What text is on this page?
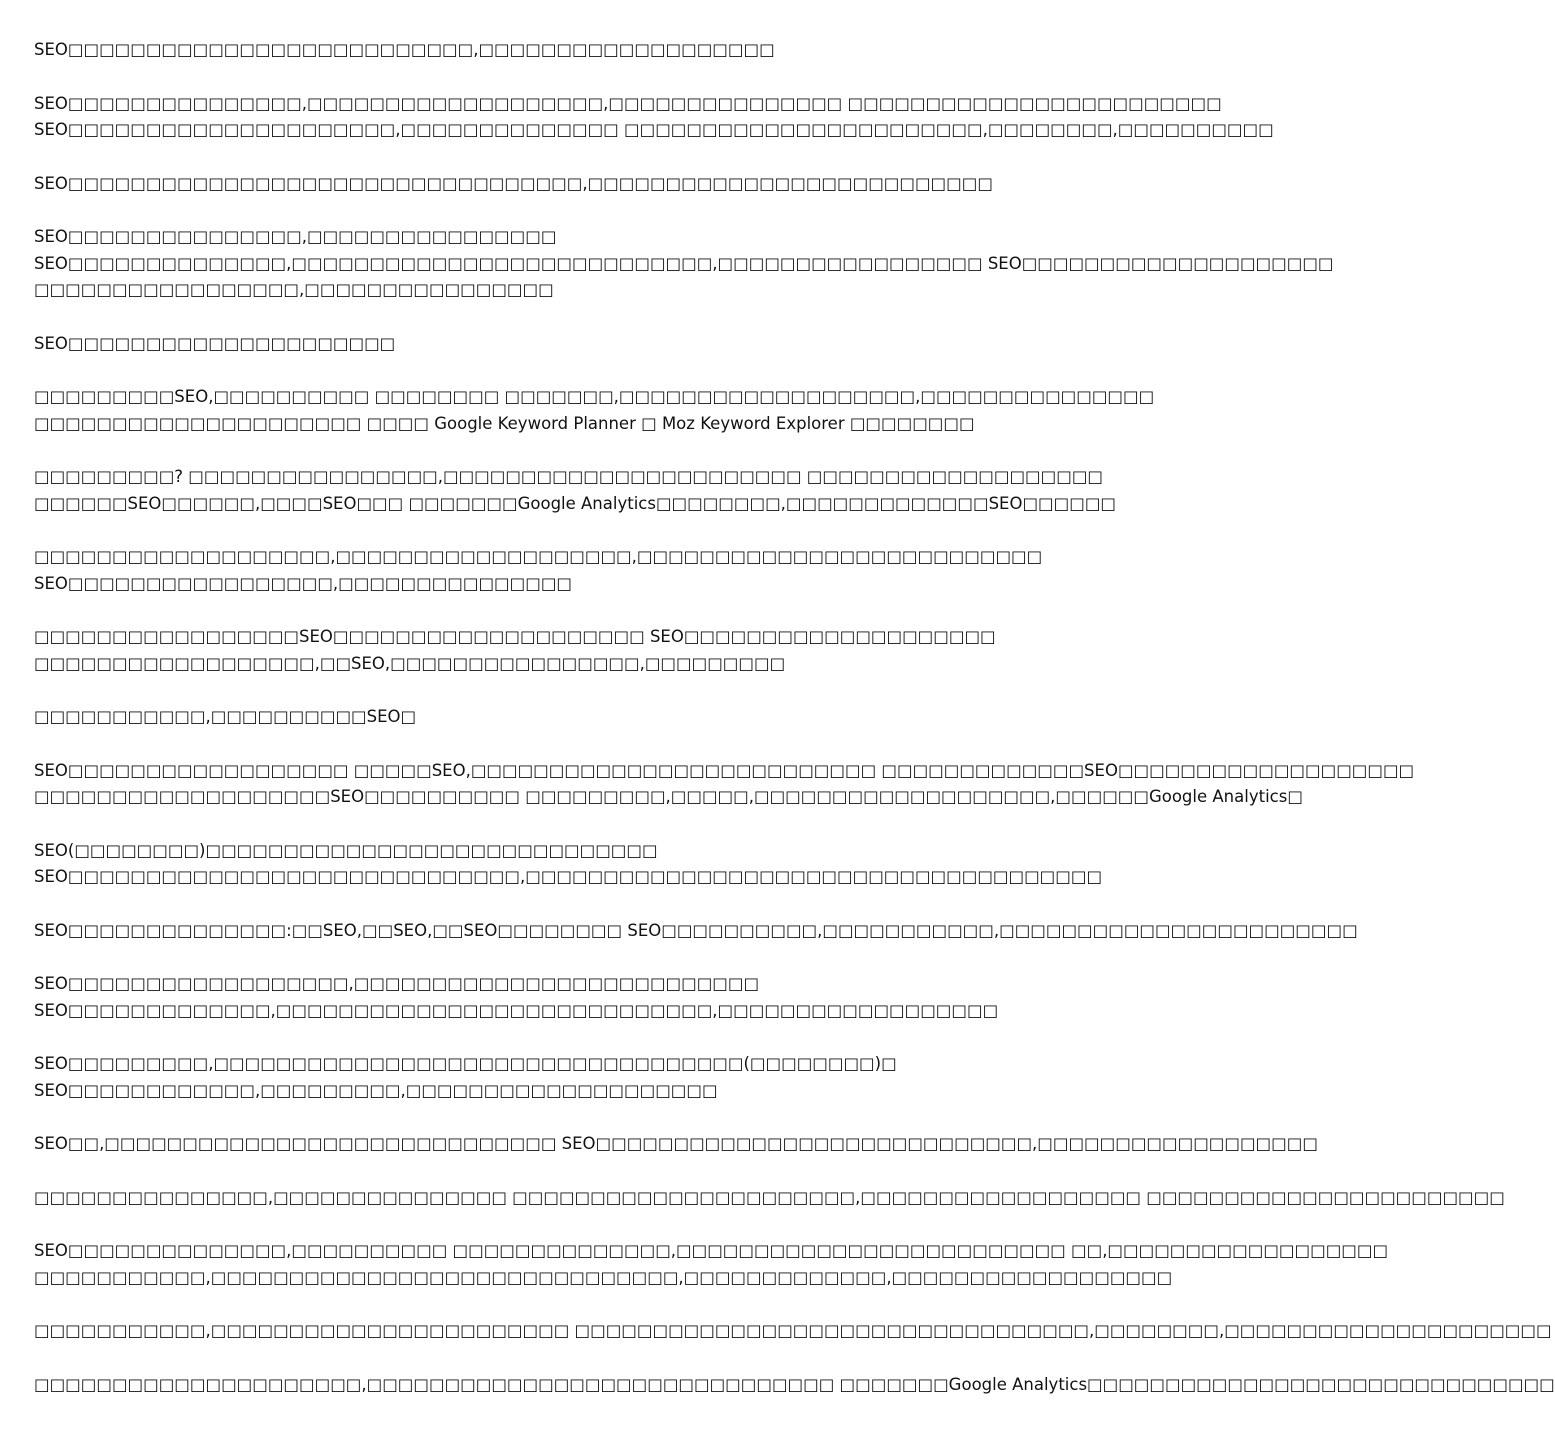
SEO□□□□□□□□□□□□□□□□□□□□□□□□□□,□□□□□□□□□□□□□□□□□□□

SEO□□□□□□□□□□□□□□□,□□□□□□□□□□□□□□□□□□□,□□□□□□□□□□□□□□□ □□□□□□□□□□□□□□□□□□□□□□□□
SEO□□□□□□□□□□□□□□□□□□□□□,□□□□□□□□□□□□□□ □□□□□□□□□□□□□□□□□□□□□□□,□□□□□□□□,□□□□□□□□□□

SEO□□□□□□□□□□□□□□□□□□□□□□□□□□□□□□□□□,□□□□□□□□□□□□□□□□□□□□□□□□□□

SEO□□□□□□□□□□□□□□□,□□□□□□□□□□□□□□□□
SEO□□□□□□□□□□□□□□,□□□□□□□□□□□□□□□□□□□□□□□□□□□,□□□□□□□□□□□□□□□□□ SEO□□□□□□□□□□□□□□□□□□□□
□□□□□□□□□□□□□□□□□,□□□□□□□□□□□□□□□□

SEO□□□□□□□□□□□□□□□□□□□□□

□□□□□□□□□SEO,□□□□□□□□□□ □□□□□□□□ □□□□□□□,□□□□□□□□□□□□□□□□□□□,□□□□□□□□□□□□□□□
□□□□□□□□□□□□□□□□□□□□□ □□□□ Google Keyword Planner □ Moz Keyword Explorer □□□□□□□□

□□□□□□□□□? □□□□□□□□□□□□□□□□,□□□□□□□□□□□□□□□□□□□□□□□ □□□□□□□□□□□□□□□□□□□
□□□□□□SEO□□□□□□,□□□□SEO□□□ □□□□□□□Google Analytics□□□□□□□□,□□□□□□□□□□□□□SEO□□□□□□

□□□□□□□□□□□□□□□□□□□,□□□□□□□□□□□□□□□□□□□,□□□□□□□□□□□□□□□□□□□□□□□□□□
SEO□□□□□□□□□□□□□□□□□,□□□□□□□□□□□□□□□

□□□□□□□□□□□□□□□□□SEO□□□□□□□□□□□□□□□□□□□□ SEO□□□□□□□□□□□□□□□□□□□□
□□□□□□□□□□□□□□□□□□,□□SEO,□□□□□□□□□□□□□□□□,□□□□□□□□□

□□□□□□□□□□□,□□□□□□□□□□SEO□

SEO□□□□□□□□□□□□□□□□□□ □□□□□SEO,□□□□□□□□□□□□□□□□□□□□□□□□□□ □□□□□□□□□□□□□SEO□□□□□□□□□□□□□□□□□□□
□□□□□□□□□□□□□□□□□□□SEO□□□□□□□□□□ □□□□□□□□□,□□□□□,□□□□□□□□□□□□□□□□□□□,□□□□□□Google Analytics□

SEO(□□□□□□□□)□□□□□□□□□□□□□□□□□□□□□□□□□□□□□
SEO□□□□□□□□□□□□□□□□□□□□□□□□□□□□□,□□□□□□□□□□□□□□□□□□□□□□□□□□□□□□□□□□□□□

SEO□□□□□□□□□□□□□□:□□SEO,□□SEO,□□SEO□□□□□□□□ SEO□□□□□□□□□□,□□□□□□□□□□□,□□□□□□□□□□□□□□□□□□□□□□□

SEO□□□□□□□□□□□□□□□□□□,□□□□□□□□□□□□□□□□□□□□□□□□□□
SEO□□□□□□□□□□□□□,□□□□□□□□□□□□□□□□□□□□□□□□□□□□,□□□□□□□□□□□□□□□□□□

SEO□□□□□□□□□,□□□□□□□□□□□□□□□□□□□□□□□□□□□□□□□□□□(□□□□□□□□)□
SEO□□□□□□□□□□□□,□□□□□□□□□,□□□□□□□□□□□□□□□□□□□□

SEO□□,□□□□□□□□□□□□□□□□□□□□□□□□□□□□□ SEO□□□□□□□□□□□□□□□□□□□□□□□□□□□□,□□□□□□□□□□□□□□□□□□

□□□□□□□□□□□□□□□,□□□□□□□□□□□□□□□ □□□□□□□□□□□□□□□□□□□□□□,□□□□□□□□□□□□□□□□□□ □□□□□□□□□□□□□□□□□□□□□□□

SEO□□□□□□□□□□□□□□,□□□□□□□□□□ □□□□□□□□□□□□□□,□□□□□□□□□□□□□□□□□□□□□□□□□ □□,□□□□□□□□□□□□□□□□□□
□□□□□□□□□□□,□□□□□□□□□□□□□□□□□□□□□□□□□□□□□□,□□□□□□□□□□□□□,□□□□□□□□□□□□□□□□□□

□□□□□□□□□□□,□□□□□□□□□□□□□□□□□□□□□□□ □□□□□□□□□□□□□□□□□□□□□□□□□□□□□□□□□,□□□□□□□□,□□□□□□□□□□□□□□□□□□□□□

□□□□□□□□□□□□□□□□□□□□□,□□□□□□□□□□□□□□□□□□□□□□□□□□□□□□ □□□□□□□Google Analytics□□□□□□□□□□□□□□□□□□□□□□□□□□□□□□
